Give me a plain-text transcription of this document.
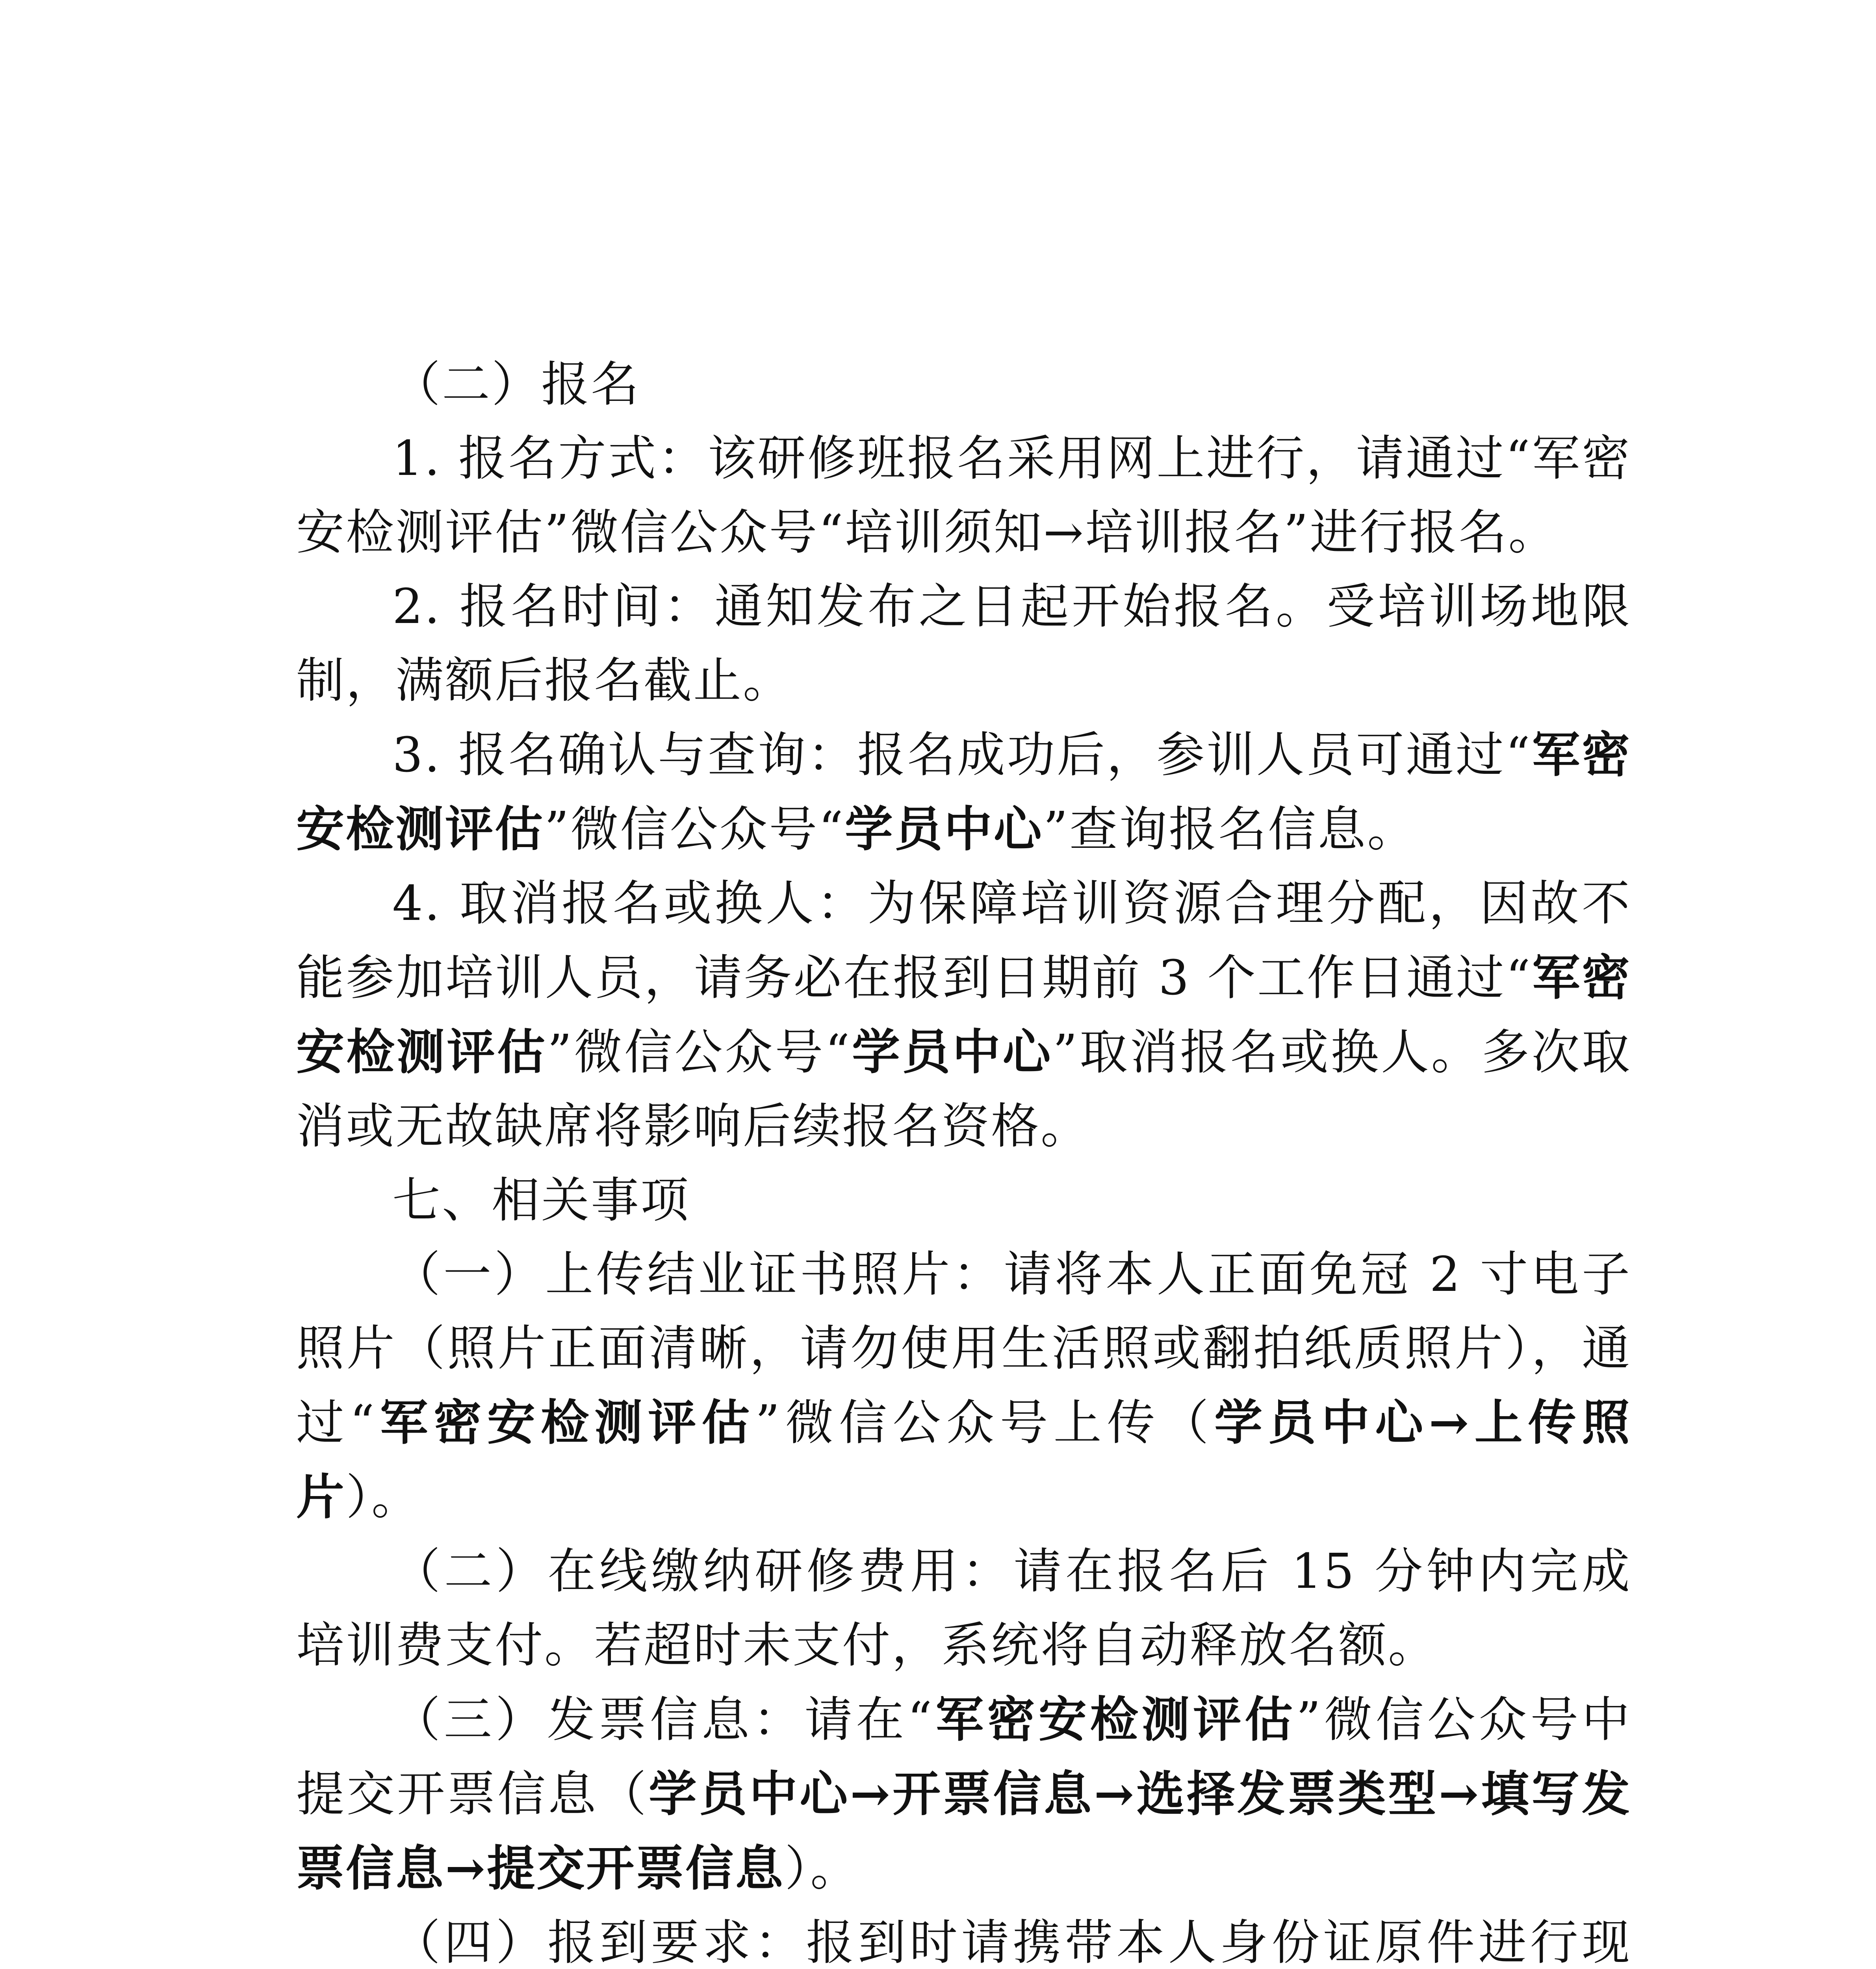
（二）报名

1. 报名方式：该研修班报名采用网上进行，请通过“军密安检测评估”微信公众号“培训须知→培训报名”进行报名。

2. 报名时间：通知发布之日起开始报名。受培训场地限制，满额后报名截止。

3. 报名确认与查询：报名成功后，参训人员可通过“军密安检测评估”微信公众号“学员中心”查询报名信息。

4. 取消报名或换人：为保障培训资源合理分配，因故不能参加培训人员，请务必在报到日期前 3 个工作日通过“军密安检测评估”微信公众号“学员中心”取消报名或换人。多次取消或无故缺席将影响后续报名资格。

七、相关事项

（一）上传结业证书照片：请将本人正面免冠 2 寸电子照片（照片正面清晰，请勿使用生活照或翻拍纸质照片），通过“军密安检测评估”微信公众号上传（学员中心→上传照片）。

（二）在线缴纳研修费用：请在报名后 15 分钟内完成培训费支付。若超时未支付，系统将自动释放名额。

（三）发票信息：请在“军密安检测评估”微信公众号中提交开票信息（学员中心→开票信息→选择发票类型→填写发票信息→提交开票信息）。

（四）报到要求：报到时请携带本人身份证原件进行现
